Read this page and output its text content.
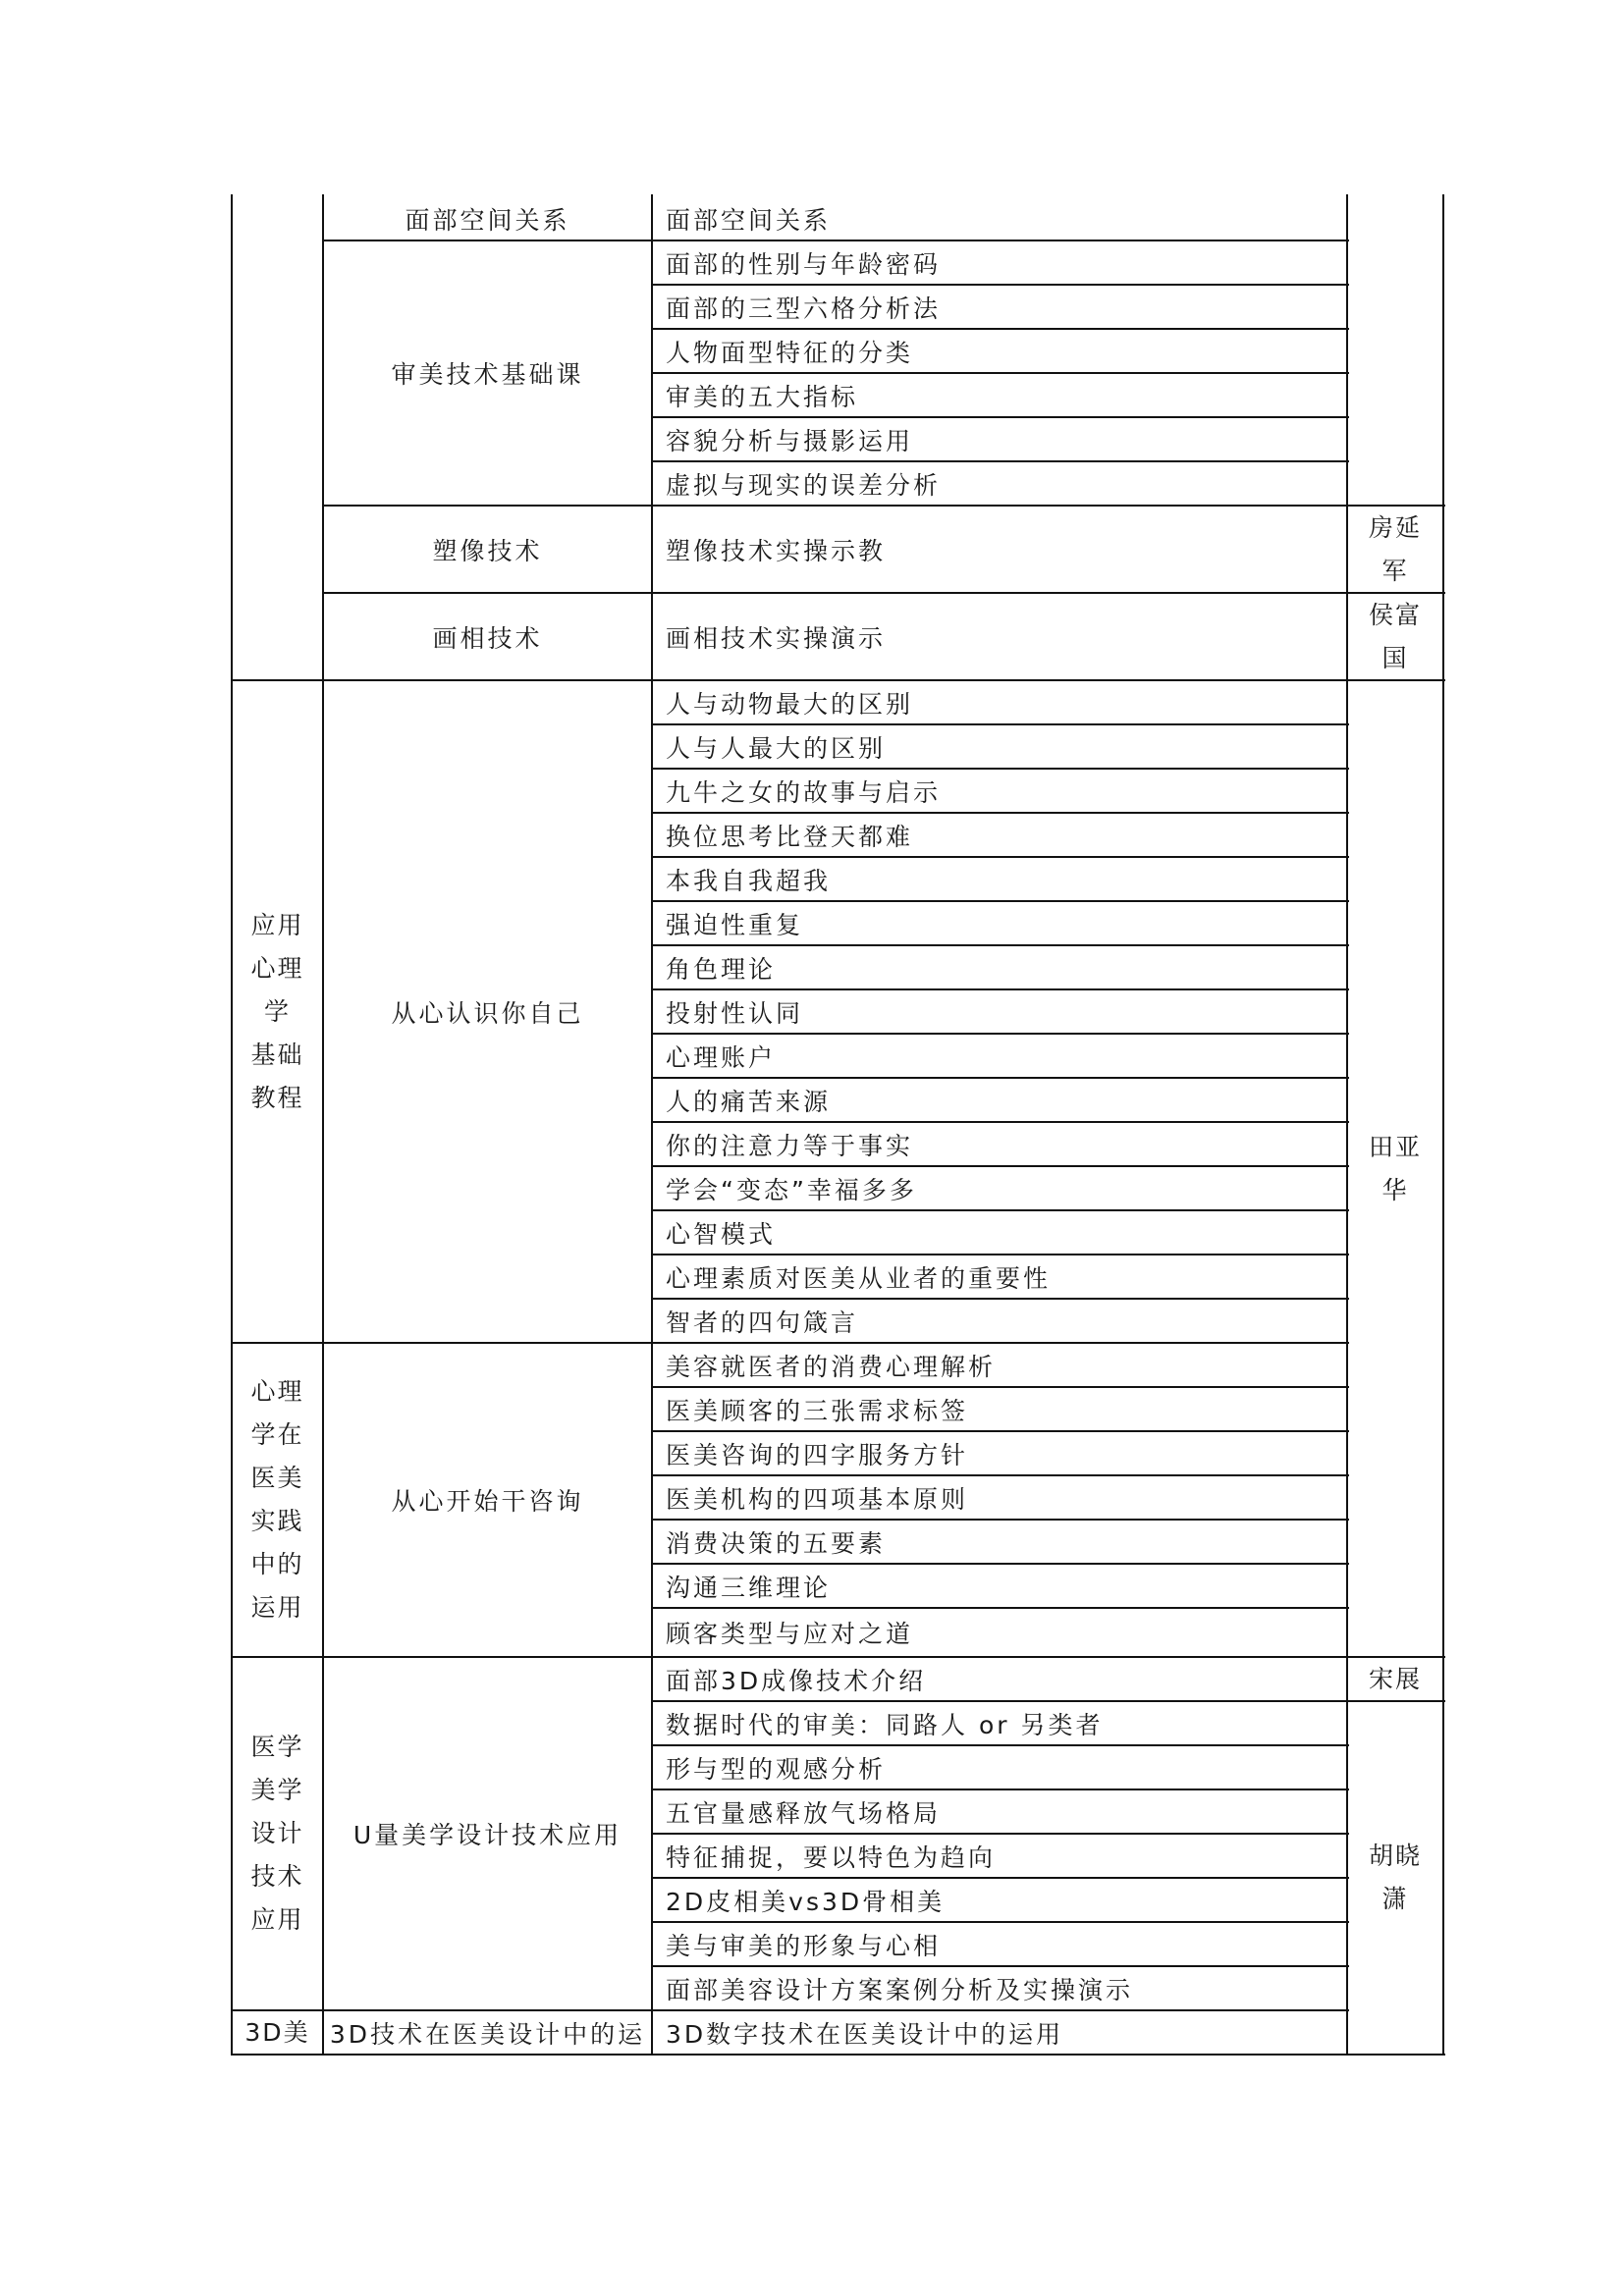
应用
心理
学
基础
教程
心理
学在
医美
实践
中的
运用
医学
美学
设计
技术
应用
3D美
面部空间关系
审美技术基础课
塑像技术
画相技术
从心认识你自己
从心开始干咨询
U量美学设计技术应用
3D技术在医美设计中的运
面部空间关系
面部的性别与年龄密码
面部的三型六格分析法
人物面型特征的分类
审美的五大指标
容貌分析与摄影运用
虚拟与现实的误差分析
塑像技术实操示教
画相技术实操演示
人与动物最大的区别
人与人最大的区别
九牛之女的故事与启示
换位思考比登天都难
本我自我超我
强迫性重复
角色理论
投射性认同
心理账户
人的痛苦来源
你的注意力等于事实
学会“变态”幸福多多
心智模式
心理素质对医美从业者的重要性
智者的四句箴言
美容就医者的消费心理解析
医美顾客的三张需求标签
医美咨询的四字服务方针
医美机构的四项基本原则
消费决策的五要素
沟通三维理论
顾客类型与应对之道
面部3D成像技术介绍
数据时代的审美：同路人 or 另类者
形与型的观感分析
五官量感释放气场格局
特征捕捉，要以特色为趋向
2D皮相美vs3D骨相美
美与审美的形象与心相
面部美容设计方案案例分析及实操演示
3D数字技术在医美设计中的运用
房延
军
侯富
国
田亚
华
宋展
胡晓
潇
